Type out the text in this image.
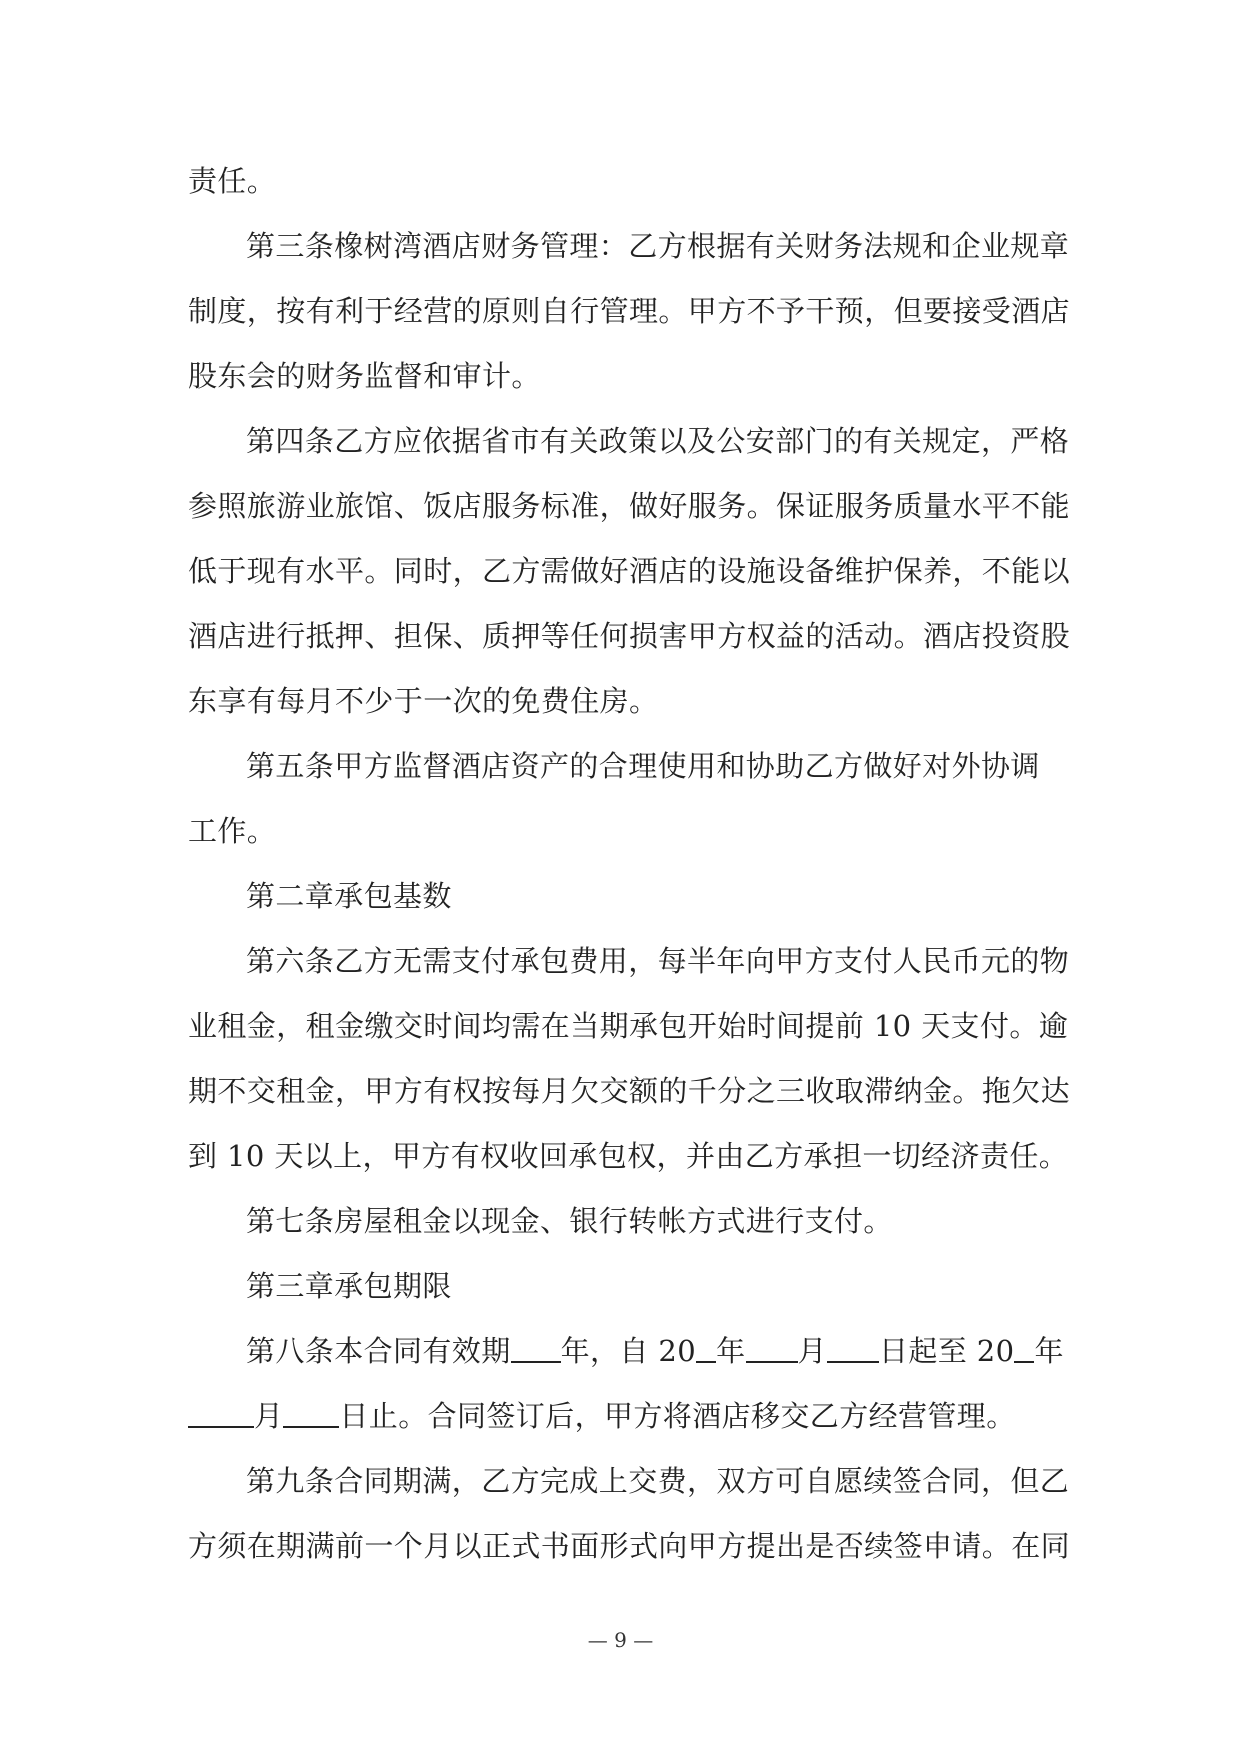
责任。
第三条橡树湾酒店财务管理：乙方根据有关财务法规和企业规章
制度，按有利于经营的原则自行管理。甲方不予干预，但要接受酒店
股东会的财务监督和审计。
第四条乙方应依据省市有关政策以及公安部门的有关规定，严格
参照旅游业旅馆、饭店服务标准，做好服务。保证服务质量水平不能
低于现有水平。同时，乙方需做好酒店的设施设备维护保养，不能以
酒店进行抵押、担保、质押等任何损害甲方权益的活动。酒店投资股
东享有每月不少于一次的免费住房。
第五条甲方监督酒店资产的合理使用和协助乙方做好对外协调
工作。
第二章承包基数
第六条乙方无需支付承包费用，每半年向甲方支付人民币元的物
业租金，租金缴交时间均需在当期承包开始时间提前 10 天支付。逾
期不交租金，甲方有权按每月欠交额的千分之三收取滞纳金。拖欠达
到 10 天以上，甲方有权收回承包权，并由乙方承担一切经济责任。
第七条房屋租金以现金、银行转帐方式进行支付。
第三章承包期限
第八条本合同有效期 年，自 20 年 月 日起至 20 年
月 日止。合同签订后，甲方将酒店移交乙方经营管理。
第九条合同期满，乙方完成上交费，双方可自愿续签合同，但乙
方须在期满前一个月以正式书面形式向甲方提出是否续签申请。在同
— 9 —
